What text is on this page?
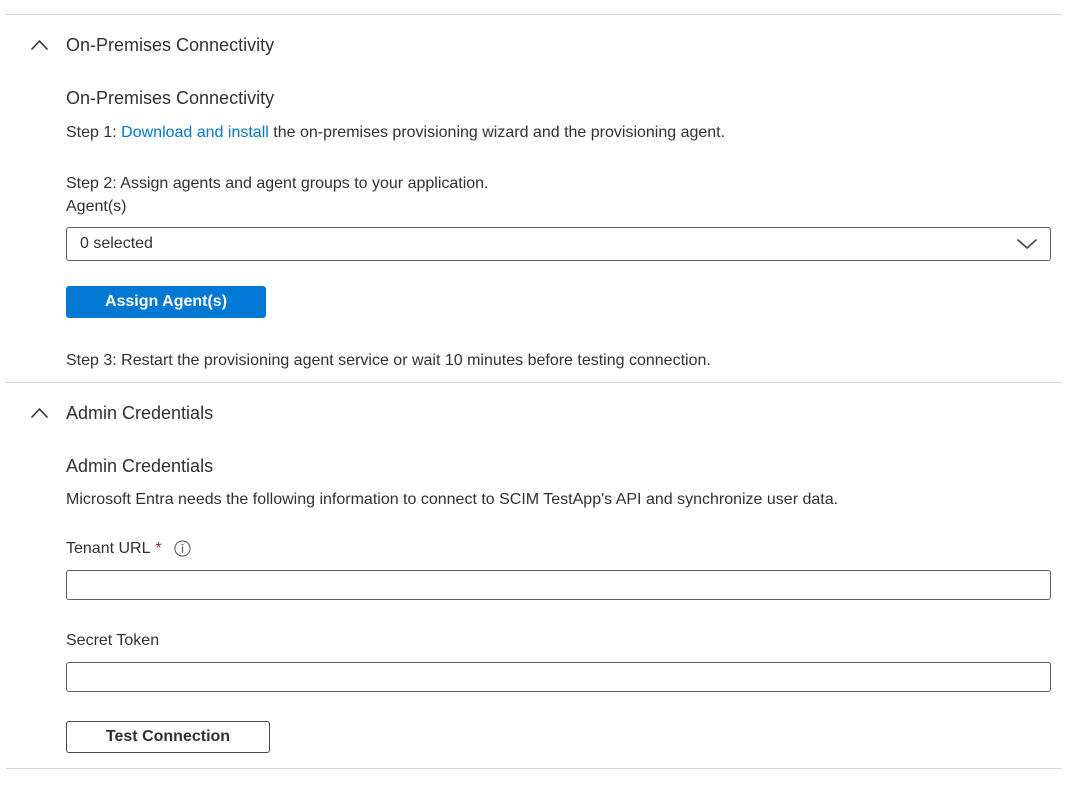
On-Premises Connectivity
On-Premises Connectivity
Step 1: Download and install the on-premises provisioning wizard and the provisioning agent.
Step 2: Assign agents and agent groups to your application.
Agent(s)
0 selected
Assign Agent(s)
Step 3: Restart the provisioning agent service or wait 10 minutes before testing connection.
Admin Credentials
Admin Credentials
Microsoft Entra needs the following information to connect to SCIM TestApp's API and synchronize user data.
Tenant URL *
Secret Token
Test Connection
